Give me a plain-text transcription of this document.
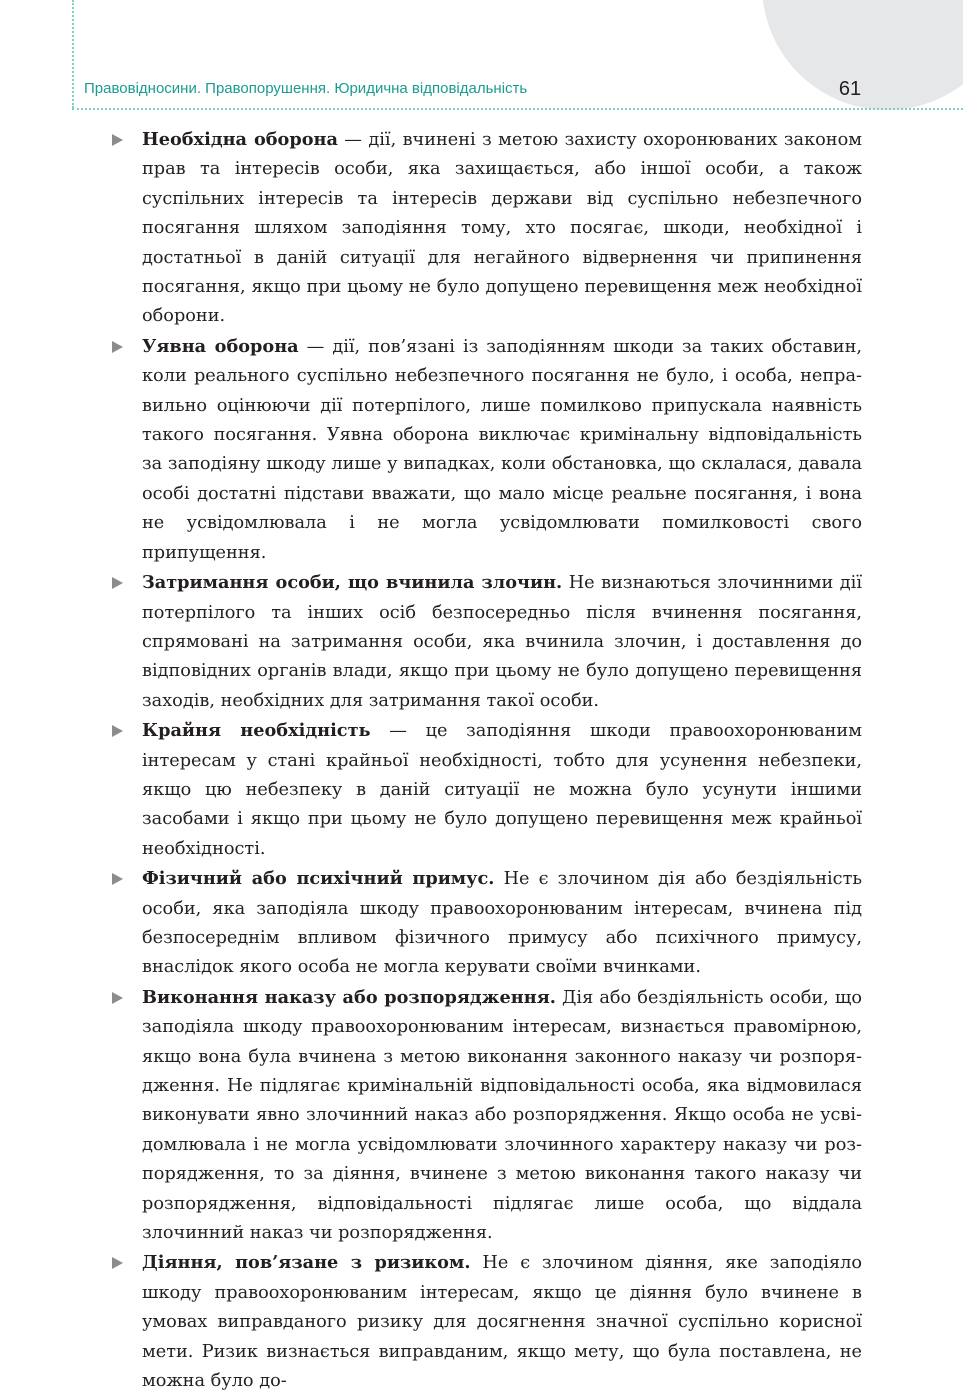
Правовідносини. Правопорушення. Юридична відповідальність	61

Необхідна оборона — дії, вчинені з метою захисту охоронюваних законом прав та інтересів особи, яка захищається, або іншої особи, а також суспільних інтересів та інтересів держави від суспільно небезпечного посягання шляхом заподіяння тому, хто посягає, шкоди, необхідної і достатньої в даній ситуації для негайного відвернення чи припинення посягання, якщо при цьому не було допущено перевищення меж необхідної оборони.

Уявна оборона — дії, пов’язані із заподіянням шкоди за таких обставин, коли реального суспільно небезпечного посягання не було, і особа, неправильно оцінюючи дії потерпілого, лише помилково припускала наявність такого посягання. Уявна оборона виключає кримінальну відповідальність за заподіяну шкоду лише у випадках, коли обстановка, що склалася, давала особі достатні підстави вважати, що мало місце реальне посягання, і вона не усвідомлювала і не могла усвідомлювати помилковості свого припущення.

Затримання особи, що вчинила злочин. Не визнаються злочинними дії потерпілого та інших осіб безпосередньо після вчинення посягання, спрямовані на затримання особи, яка вчинила злочин, і доставлення до відповідних органів влади, якщо при цьому не було допущено перевищення заходів, необхідних для затримання такої особи.

Крайня необхідність — це заподіяння шкоди правоохоронюваним інтересам у стані крайньої необхідності, тобто для усунення небезпеки, якщо цю небезпеку в даній ситуації не можна було усунути іншими засобами і якщо при цьому не було допущено перевищення меж крайньої необхідності.

Фізичний або психічний примус. Не є злочином дія або бездіяльність особи, яка заподіяла шкоду правоохоронюваним інтересам, вчинена під безпосереднім впливом фізичного примусу або психічного примусу, внаслідок якого особа не могла керувати своїми вчинками.

Виконання наказу або розпорядження. Дія або бездіяльність особи, що заподіяла шкоду правоохоронюваним інтересам, визнається правомірною, якщо вона була вчинена з метою виконання законного наказу чи розпорядження. Не підлягає кримінальній відповідальності особа, яка відмовилася виконувати явно злочинний наказ або розпорядження. Якщо особа не усвідомлювала і не могла усвідомлювати злочинного характеру наказу чи розпорядження, то за діяння, вчинене з метою виконання такого наказу чи розпорядження, відповідальності підлягає лише особа, що віддала злочинний наказ чи розпорядження.

Діяння, пов’язане з ризиком. Не є злочином діяння, яке заподіяло шкоду правоохоронюваним інтересам, якщо це діяння було вчинене в умовах виправданого ризику для досягнення значної суспільно корисної мети. Ризик визнається виправданим, якщо мету, що була поставлена, не можна було до-
